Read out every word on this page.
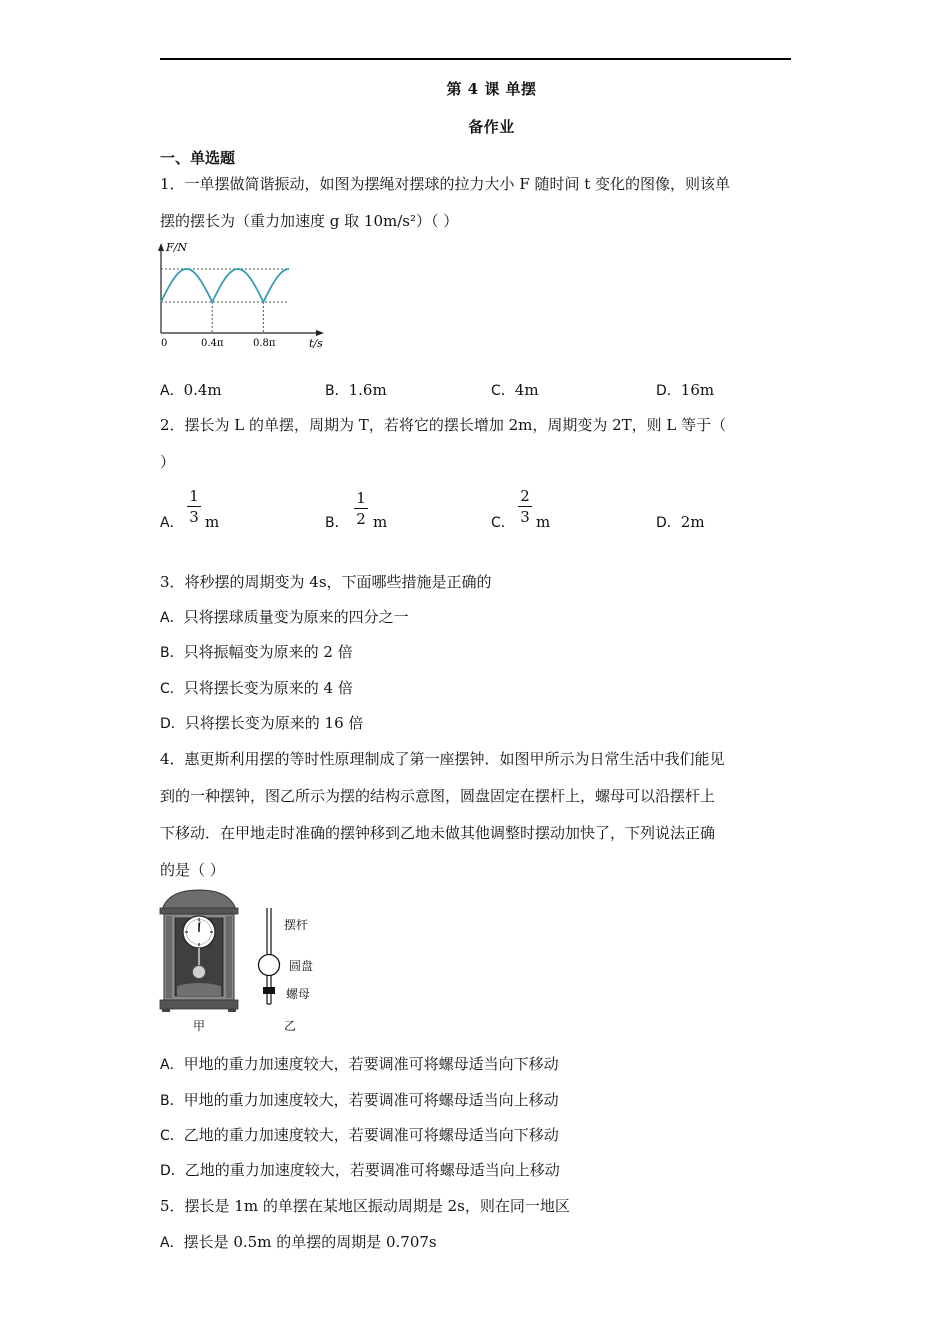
第 4 课 单摆
备作业
一、单选题
1．一单摆做简谐振动，如图为摆绳对摆球的拉力大小 F 随时间 t 变化的图像，则该单
摆的摆长为（重力加速度 g 取 10m/s²）（ ）
F/N
t/s
0	0.4π	0.8π
A．0.4m	B．1.6m	C．4m	D．16m
2．摆长为 L 的单摆，周期为 T，若将它的摆长增加 2m，周期变为 2T，则 L 等于（
）
A．
1
3 m	B．
1
2 m	C．
2
3 m	D．2m
3．将秒摆的周期变为 4s，下面哪些措施是正确的
A．只将摆球质量变为原来的四分之一
B．只将振幅变为原来的 2 倍
C．只将摆长变为原来的 4 倍
D．只将摆长变为原来的 16 倍
4．惠更斯利用摆的等时性原理制成了第一座摆钟．如图甲所示为日常生活中我们能见
到的一种摆钟，图乙所示为摆的结构示意图，圆盘固定在摆杆上，螺母可以沿摆杆上
下移动．在甲地走时准确的摆钟移到乙地未做其他调整时摆动加快了，下列说法正确
的是（ ）
摆杆
圆盘
螺母
甲	乙
A．甲地的重力加速度较大，若要调准可将螺母适当向下移动
B．甲地的重力加速度较大，若要调准可将螺母适当向上移动
C．乙地的重力加速度较大，若要调准可将螺母适当向下移动
D．乙地的重力加速度较大，若要调准可将螺母适当向上移动
5．摆长是 1m 的单摆在某地区振动周期是 2s，则在同一地区
A．摆长是 0.5m 的单摆的周期是 0.707s
